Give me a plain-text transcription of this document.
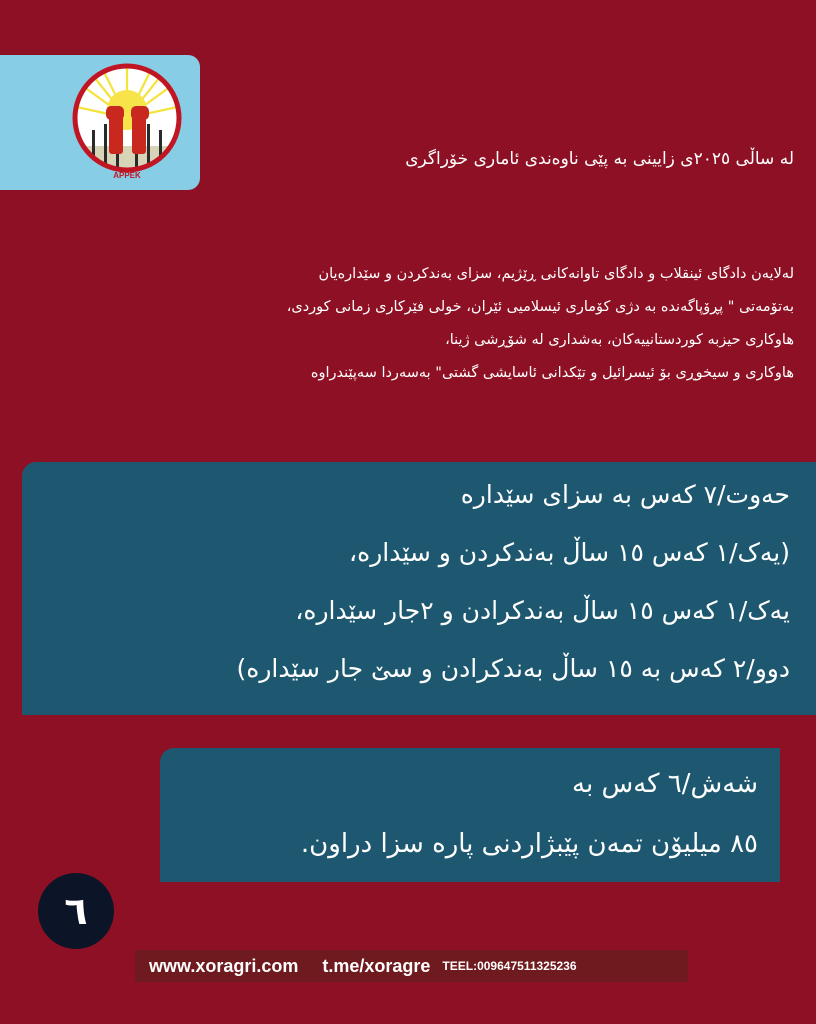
APPEK
لە ساڵی ٢٠٢٥ی زایینی بە پێی ناوەندی ئاماری خۆراگری
لەلایەن دادگای ئینقلاب و دادگای تاوانەکانی ڕێژیم، سزای بەندکردن و سێدارەیان
بەتۆمەتی " پڕۆپاگەندە بە دژی کۆماری ئیسلامیی ئێران، خولی فێرکاری زمانی کوردی،
هاوکاری حیزبە کوردستانییەکان، بەشداری لە شۆڕشی ژینا،
هاوکاری و سیخوڕی بۆ ئیسرائیل و تێکدانی ئاسایشی گشتی" بەسەردا سەپێندراوە
حەوت/٧ کەس بە سزای سێدارە
(یەک/١ کەس ١٥ ساڵ بەندکردن و سێدارە،
یەک/١ کەس ١٥ ساڵ بەندکرادن و ٢جار سێدارە،
دوو/٢ کەس بە ١٥ ساڵ بەندکرادن و سێ جار سێدارە)
شەش/٦ کەس بە
٨٥ میلیۆن تمەن پێبژاردنی پارە سزا دراون.
٦
www.xoragri.com t.me/xoragre TEEL:009647511325236
